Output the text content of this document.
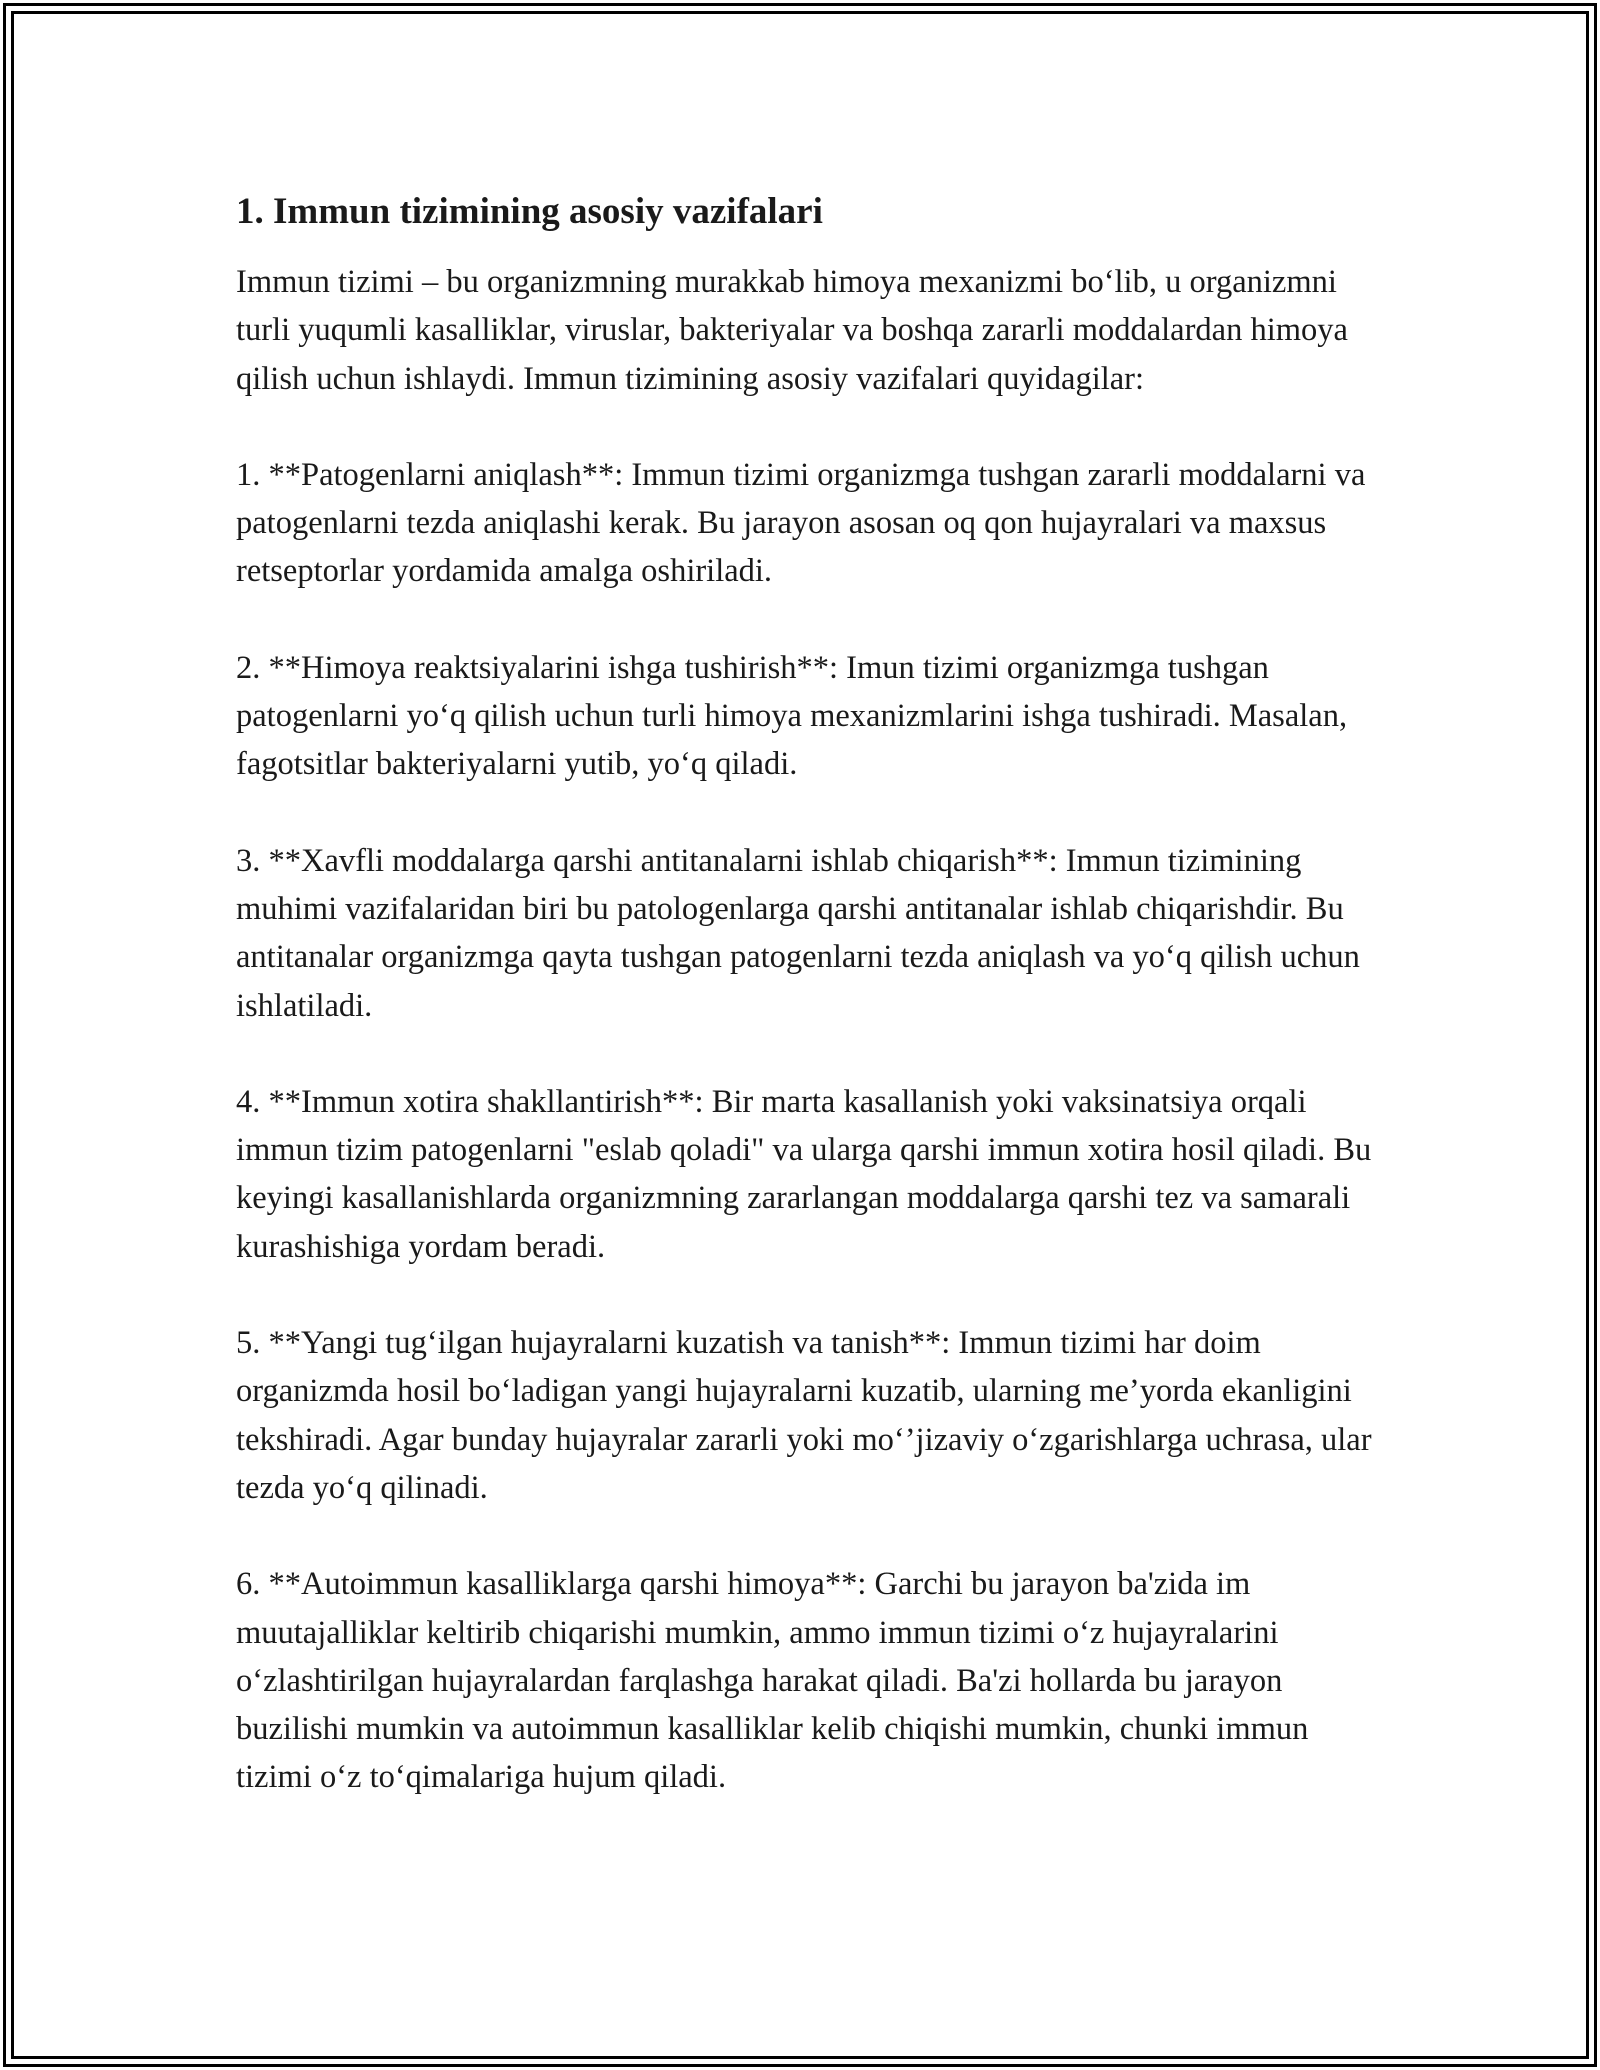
1. Immun tizimining asosiy vazifalari

Immun tizimi – bu organizmning murakkab himoya mexanizmi bo‘lib, u organizmni turli yuqumli kasalliklar, viruslar, bakteriyalar va boshqa zararli moddalardan himoya qilish uchun ishlaydi. Immun tizimining asosiy vazifalari quyidagilar:

1. **Patogenlarni aniqlash**: Immun tizimi organizmga tushgan zararli moddalarni va patogenlarni tezda aniqlashi kerak. Bu jarayon asosan oq qon hujayralari va maxsus retseptorlar yordamida amalga oshiriladi.

2. **Himoya reaktsiyalarini ishga tushirish**: Imun tizimi organizmga tushgan patogenlarni yo‘q qilish uchun turli himoya mexanizmlarini ishga tushiradi. Masalan, fagotsitlar bakteriyalarni yutib, yo‘q qiladi.

3. **Xavfli moddalarga qarshi antitanalarni ishlab chiqarish**: Immun tizimining muhimi vazifalaridan biri bu patologenlarga qarshi antitanalar ishlab chiqarishdir. Bu antitanalar organizmga qayta tushgan patogenlarni tezda aniqlash va yo‘q qilish uchun ishlatiladi.

4. **Immun xotira shakllantirish**: Bir marta kasallanish yoki vaksinatsiya orqali immun tizim patogenlarni "eslab qoladi" va ularga qarshi immun xotira hosil qiladi. Bu keyingi kasallanishlarda organizmning zararlangan moddalarga qarshi tez va samarali kurashishiga yordam beradi.

5. **Yangi tug‘ilgan hujayralarni kuzatish va tanish**: Immun tizimi har doim organizmda hosil bo‘ladigan yangi hujayralarni kuzatib, ularning me’yorda ekanligini tekshiradi. Agar bunday hujayralar zararli yoki mo‘’jizaviy o‘zgarishlarga uchrasa, ular tezda yo‘q qilinadi.

6. **Autoimmun kasalliklarga qarshi himoya**: Garchi bu jarayon ba'zida im muutajalliklar keltirib chiqarishi mumkin, ammo immun tizimi o‘z hujayralarini o‘zlashtirilgan hujayralardan farqlashga harakat qiladi. Ba'zi hollarda bu jarayon buzilishi mumkin va autoimmun kasalliklar kelib chiqishi mumkin, chunki immun tizimi o‘z to‘qimalariga hujum qiladi.
